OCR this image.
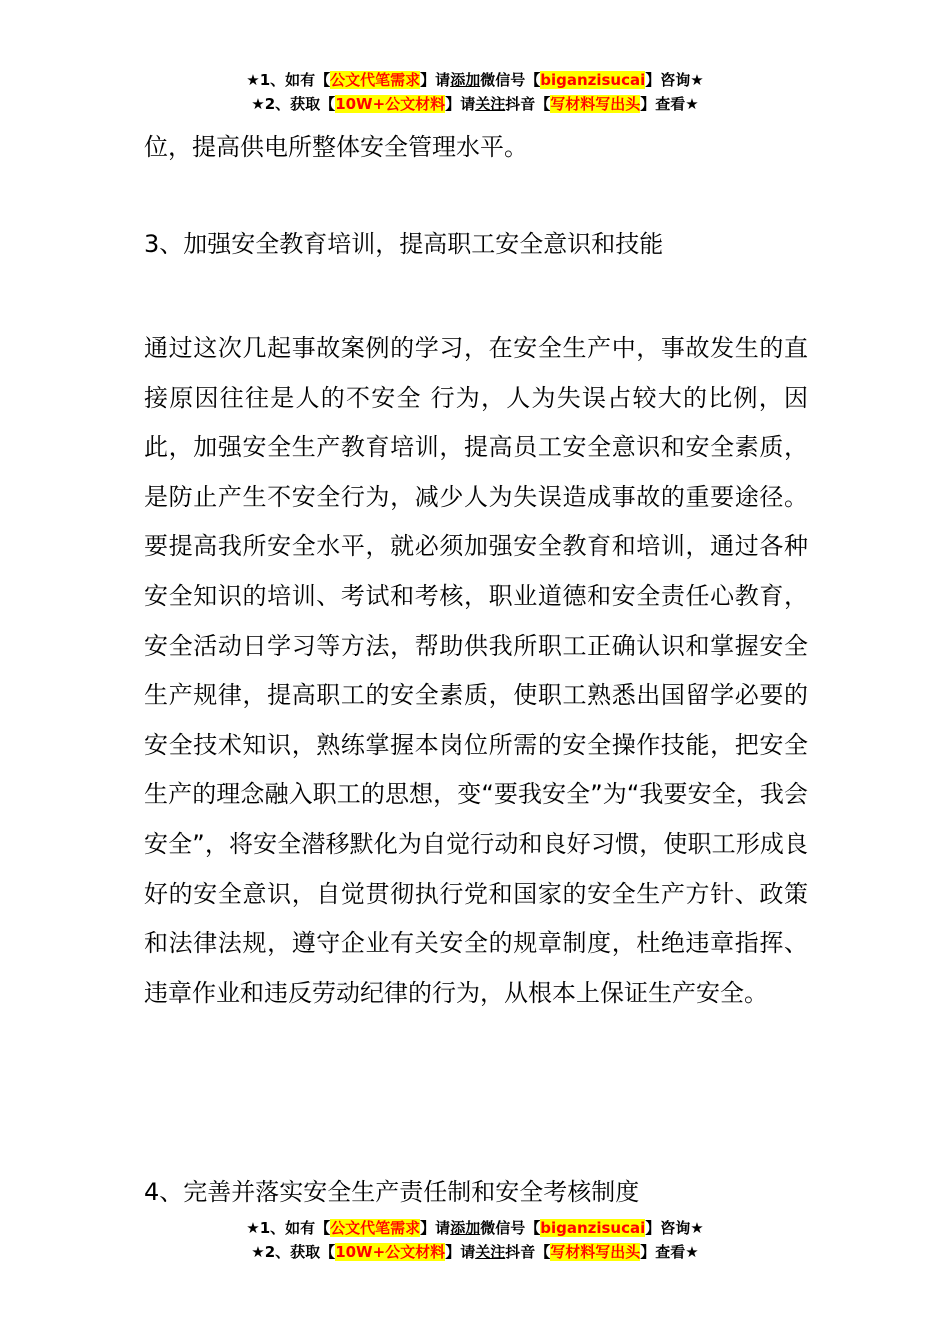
★1、如有【公文代笔需求】请添加微信号【biganzisucai】咨询★
★2、获取【10W+公文材料】请关注抖音【写材料写出头】查看★

位，提高供电所整体安全管理水平。

3、加强安全教育培训，提高职工安全意识和技能

通过这次几起事故案例的学习，在安全生产中，事故发生的直接原因往往是人的不安全 行为，人为失误占较大的比例，因此，加强安全生产教育培训，提高员工安全意识和安全素质，是防止产生不安全行为，减少人为失误造成事故的重要途径。要提高我所安全水平，就必须加强安全教育和培训，通过各种安全知识的培训、考试和考核，职业道德和安全责任心教育，安全活动日学习等方法，帮助供我所职工正确认识和掌握安全生产规律，提高职工的安全素质，使职工熟悉出国留学必要的安全技术知识，熟练掌握本岗位所需的安全操作技能，把安全生产的理念融入职工的思想，变“要我安全”为“我要安全，我会安全”，将安全潜移默化为自觉行动和良好习惯，使职工形成良好的安全意识，自觉贯彻执行党和国家的安全生产方针、政策和法律法规，遵守企业有关安全的规章制度，杜绝违章指挥、违章作业和违反劳动纪律的行为，从根本上保证生产安全。

4、完善并落实安全生产责任制和安全考核制度

★1、如有【公文代笔需求】请添加微信号【biganzisucai】咨询★
★2、获取【10W+公文材料】请关注抖音【写材料写出头】查看★
